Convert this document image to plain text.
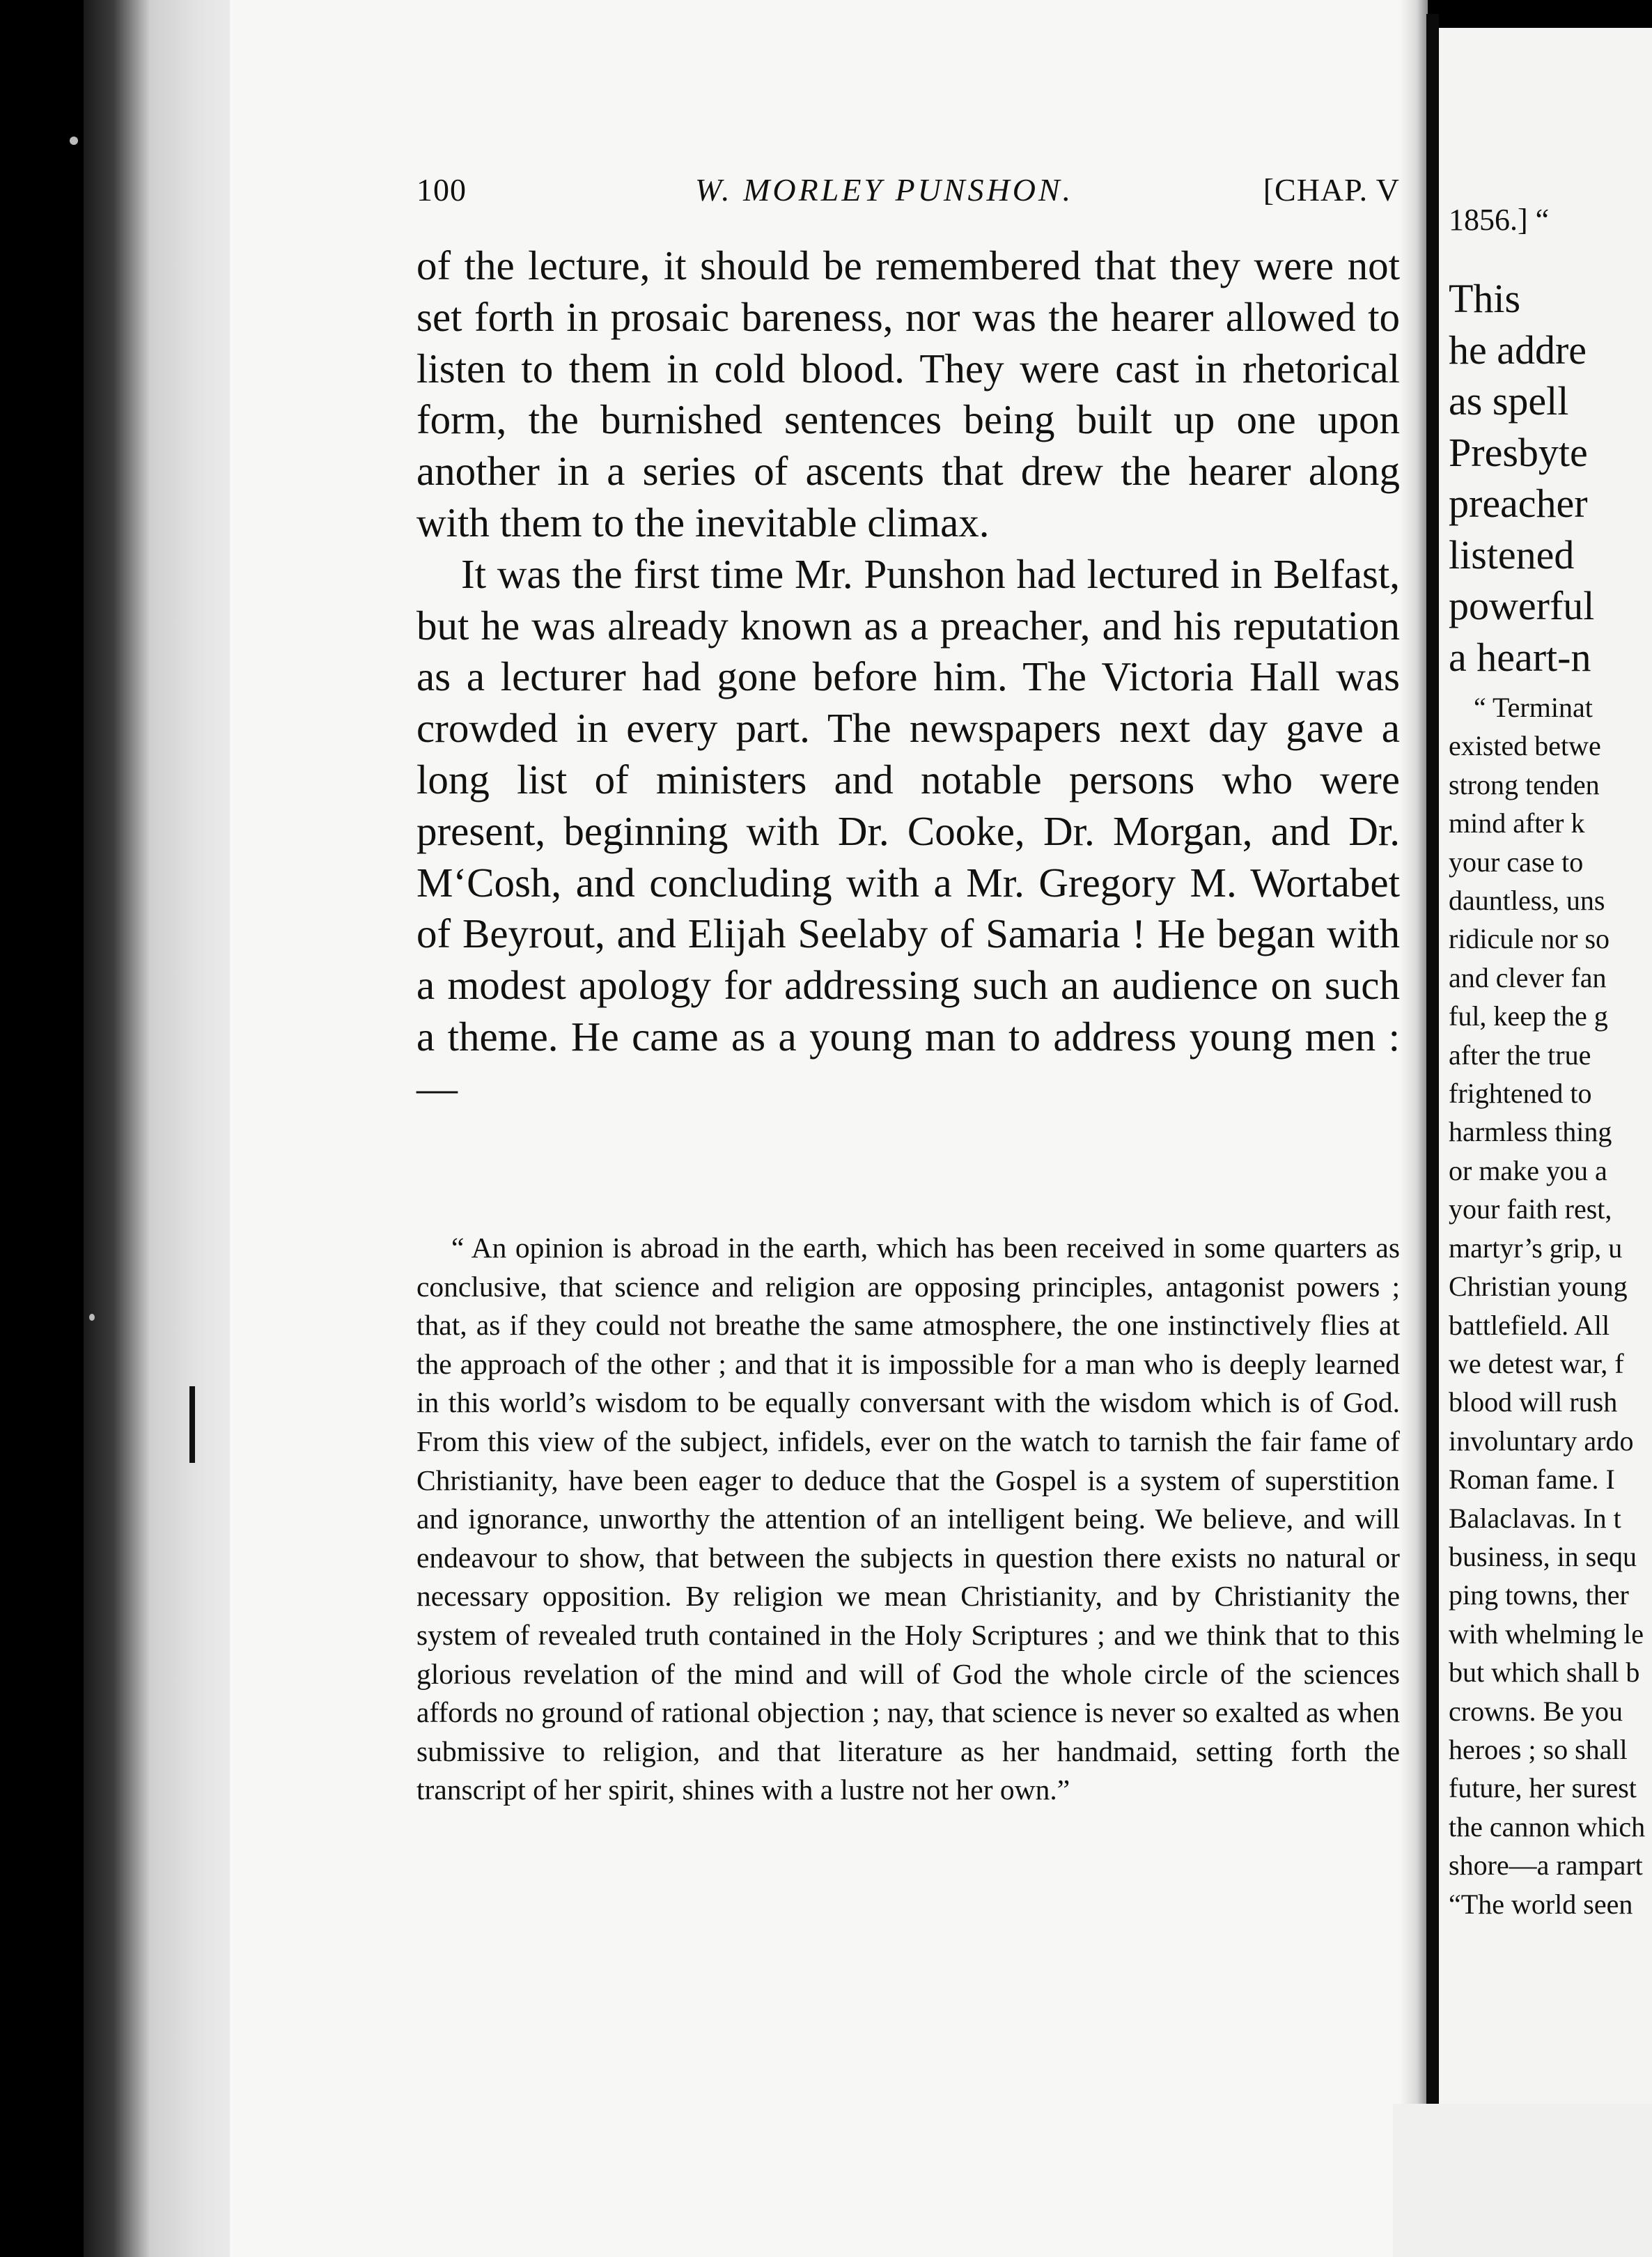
100	W. MORLEY PUNSHON.	[CHAP. V

of the lecture, it should be remembered that they were not set forth in prosaic bareness, nor was the hearer allowed to listen to them in cold blood. They were cast in rhetorical form, the burnished sentences being built up one upon another in a series of ascents that drew the hearer along with them to the inevitable climax.

It was the first time Mr. Punshon had lectured in Belfast, but he was already known as a preacher, and his reputation as a lecturer had gone before him. The Victoria Hall was crowded in every part. The newspapers next day gave a long list of ministers and notable persons who were present, beginning with Dr. Cooke, Dr. Morgan, and Dr. M‘Cosh, and concluding with a Mr. Gregory M. Wortabet of Beyrout, and Elijah Seelaby of Samaria ! He began with a modest apology for addressing such an audience on such a theme. He came as a young man to address young men :—

“ An opinion is abroad in the earth, which has been received in some quarters as conclusive, that science and religion are opposing principles, antagonist powers ; that, as if they could not breathe the same atmosphere, the one instinctively flies at the approach of the other ; and that it is impossible for a man who is deeply learned in this world’s wisdom to be equally conversant with the wisdom which is of God. From this view of the subject, infidels, ever on the watch to tarnish the fair fame of Christianity, have been eager to deduce that the Gospel is a system of superstition and ignorance, unworthy the attention of an intelligent being. We believe, and will endeavour to show, that between the subjects in question there exists no natural or necessary opposition. By religion we mean Christianity, and by Christianity the system of revealed truth contained in the Holy Scriptures ; and we think that to this glorious revelation of the mind and will of God the whole circle of the sciences affords no ground of rational objection ; nay, that science is never so exalted as when submissive to religion, and that literature as her handmaid, setting forth the transcript of her spirit, shines with a lustre not her own.”

1856.] “
This
he addre
as spell
Presbyte
preacher
listened
powerful
a heart-n
“ Terminat
existed betwe
strong tenden
mind after k
your case to
dauntless, uns
ridicule nor so
and clever fan
ful, keep the g
after the true
frightened to
harmless thing
or make you a
your faith rest,
martyr’s grip, u
Christian young
battlefield. All
we detest war, f
blood will rush
involuntary ardo
Roman fame. I
Balaclavas. In t
business, in sequ
ping towns, ther
with whelming le
but which shall b
crowns. Be you
heroes ; so shall
future, her surest
the cannon which
shore—a rampart
“The world seen
